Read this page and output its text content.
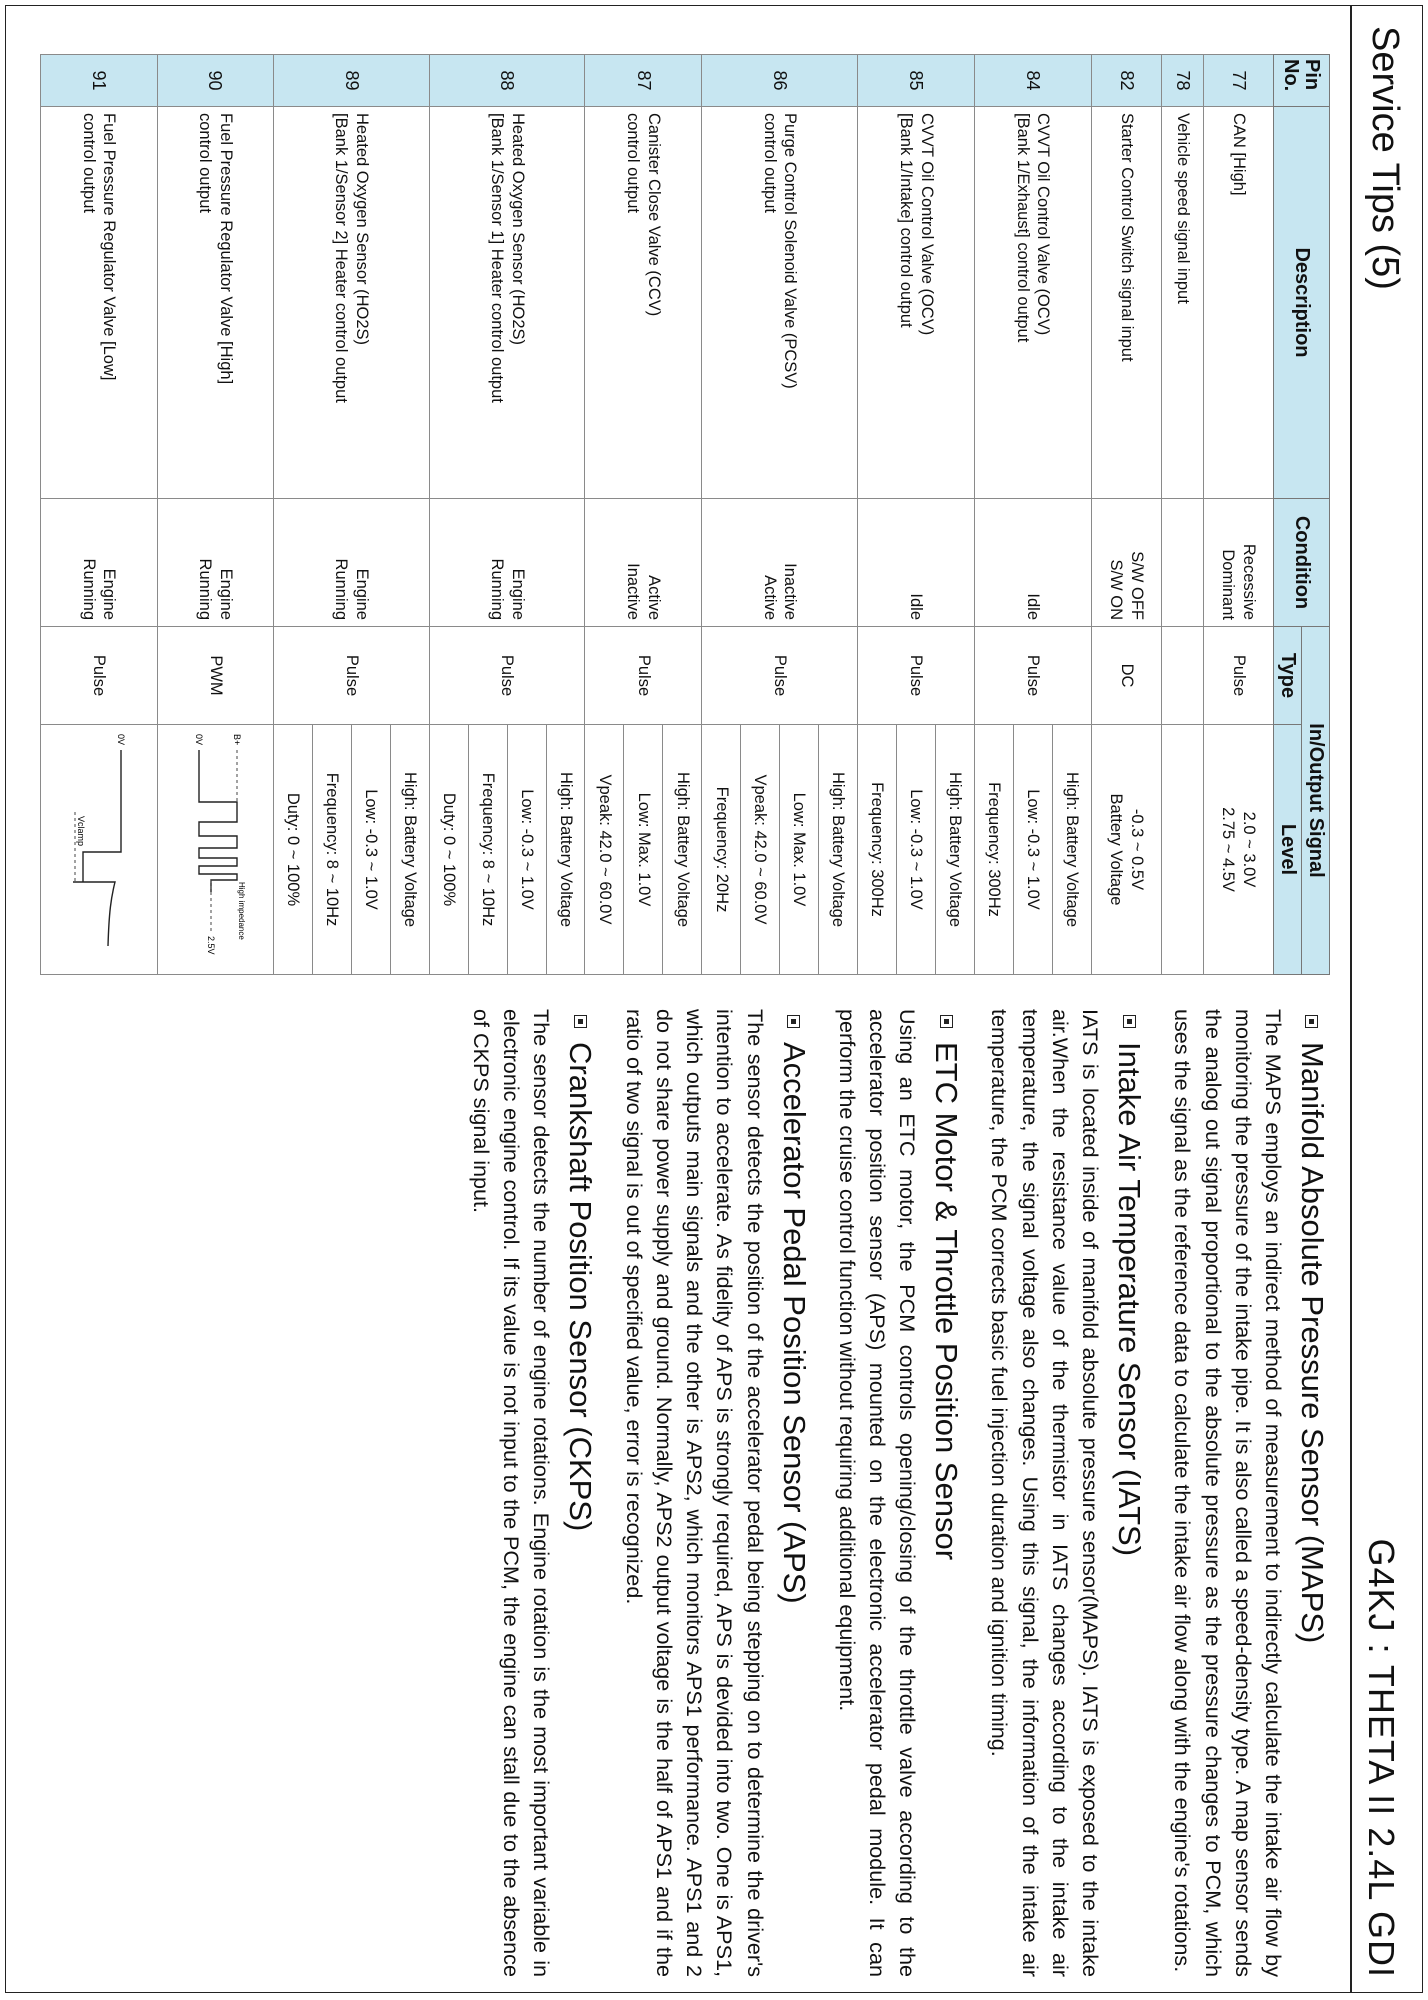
Service Tips (5)
G4KJ : THETA II 2.4L GDI
Pin
No.	Description	Condition	In/Output Signal	
			Type	Level
77	CAN [High]	Recessive
Dominant	Pulse	2.0 ~ 3.0V
2.75 ~ 4.5V
78	Vehicle speed signal input			
82	Starter Control Switch signal input	S/W OFF
S/W ON	DC	-0.3 ~ 0.5V
Battery Voltage
84	CVVT Oil Control Valve (OCV)
[Bank 1/Exhaust] control output	Idle	Pulse	High: Battery Voltage
				Low: -0.3 ~ 1.0V
				Frequency: 300Hz
85	CVVT Oil Control Valve (OCV)
[Bank 1/Intake] control output	Idle	Pulse	High: Battery Voltage
				Low: -0.3 ~ 1.0V
				Frequency: 300Hz
86	Purge Control Solenoid Valve (PCSV)
control output	Inactive
Active	Pulse	High: Battery Voltage
				Low: Max. 1.0V
				Vpeak: 42.0 ~ 60.0V
				Frequency: 20Hz
87	Canister Close Valve (CCV)
control output	Active
Inactive	Pulse	High: Battery Voltage
				Low: Max. 1.0V
				Vpeak: 42.0 ~ 60.0V
88	Heated Oxygen Sensor (HO2S)
[Bank 1/Sensor 1] Heater control output	Engine
Running	Pulse	High: Battery Voltage
				Low: -0.3 ~ 1.0V
				Frequency: 8 ~ 10Hz
				Duty: 0 ~ 100%
89	Heated Oxygen Sensor (HO2S)
[Bank 1/Sensor 2] Heater control output	Engine
Running	Pulse	High: Battery Voltage
				Low: -0.3 ~ 1.0V
				Frequency: 8 ~ 10Hz
				Duty: 0 ~ 100%
90	Fuel Pressure Regulator Valve [High]
control output	Engine
Running	PWM	B+
0V
High impedance
2.5V

91	Fuel Pressure Regulator Valve [Low]
control output	Engine
Running	Pulse	0V
Vclamp
Manifold Absolute Pressure Sensor (MAPS)

The MAPS employs an indirect method of measurement to indirectly calculate the intake air flow by monitoring the pressure of the intake pipe. It is also called a speed-density type. A map sensor sends the analog out signal proportional to the absolute pressure as the pressure changes to PCM, which uses the signal as the reference data to calculate the intake air flow along with the engine's rotations.

Intake Air Temperature Sensor (IATS)

IATS is located inside of manifold absolute pressure sensor(MAPS). IATS is exposed to the intake air.When the resistance value of the thermistor in IATS changes according to the intake air temperature, the signal voltage also changes. Using this signal, the information of the intake air temperature, the PCM corrects basic fuel injection duration and ignition timing.

ETC Motor & Throttle Position Sensor

Using an ETC motor, the PCM controls opening/closing of the throttle valve according to the accelerator position sensor (APS) mounted on the electronic accelerator pedal module. It can perform the cruise control function without requiring additional equipment.

Accelerator Pedal Position Sensor (APS)

The sensor detects the position of the accelerator pedal being stepping on to determine the driver's intention to accelerate. As fidelity of APS is strongly required, APS is devided into two. One is APS1, which outputs main signals and the other is APS2, which monitors APS1 performance. APS1 and 2 do not share power supply and ground. Normally, APS2 output voltage is the half of APS1 and if the ratio of two signal is out of specified value, error is recognized.

Crankshaft Position Sensor (CKPS)

The sensor detects the number of engine rotations. Engine rotation is the most important variable in electronic engine control. If its value is not input to the PCM, the engine can stall due to the absence of CKPS signal input.
